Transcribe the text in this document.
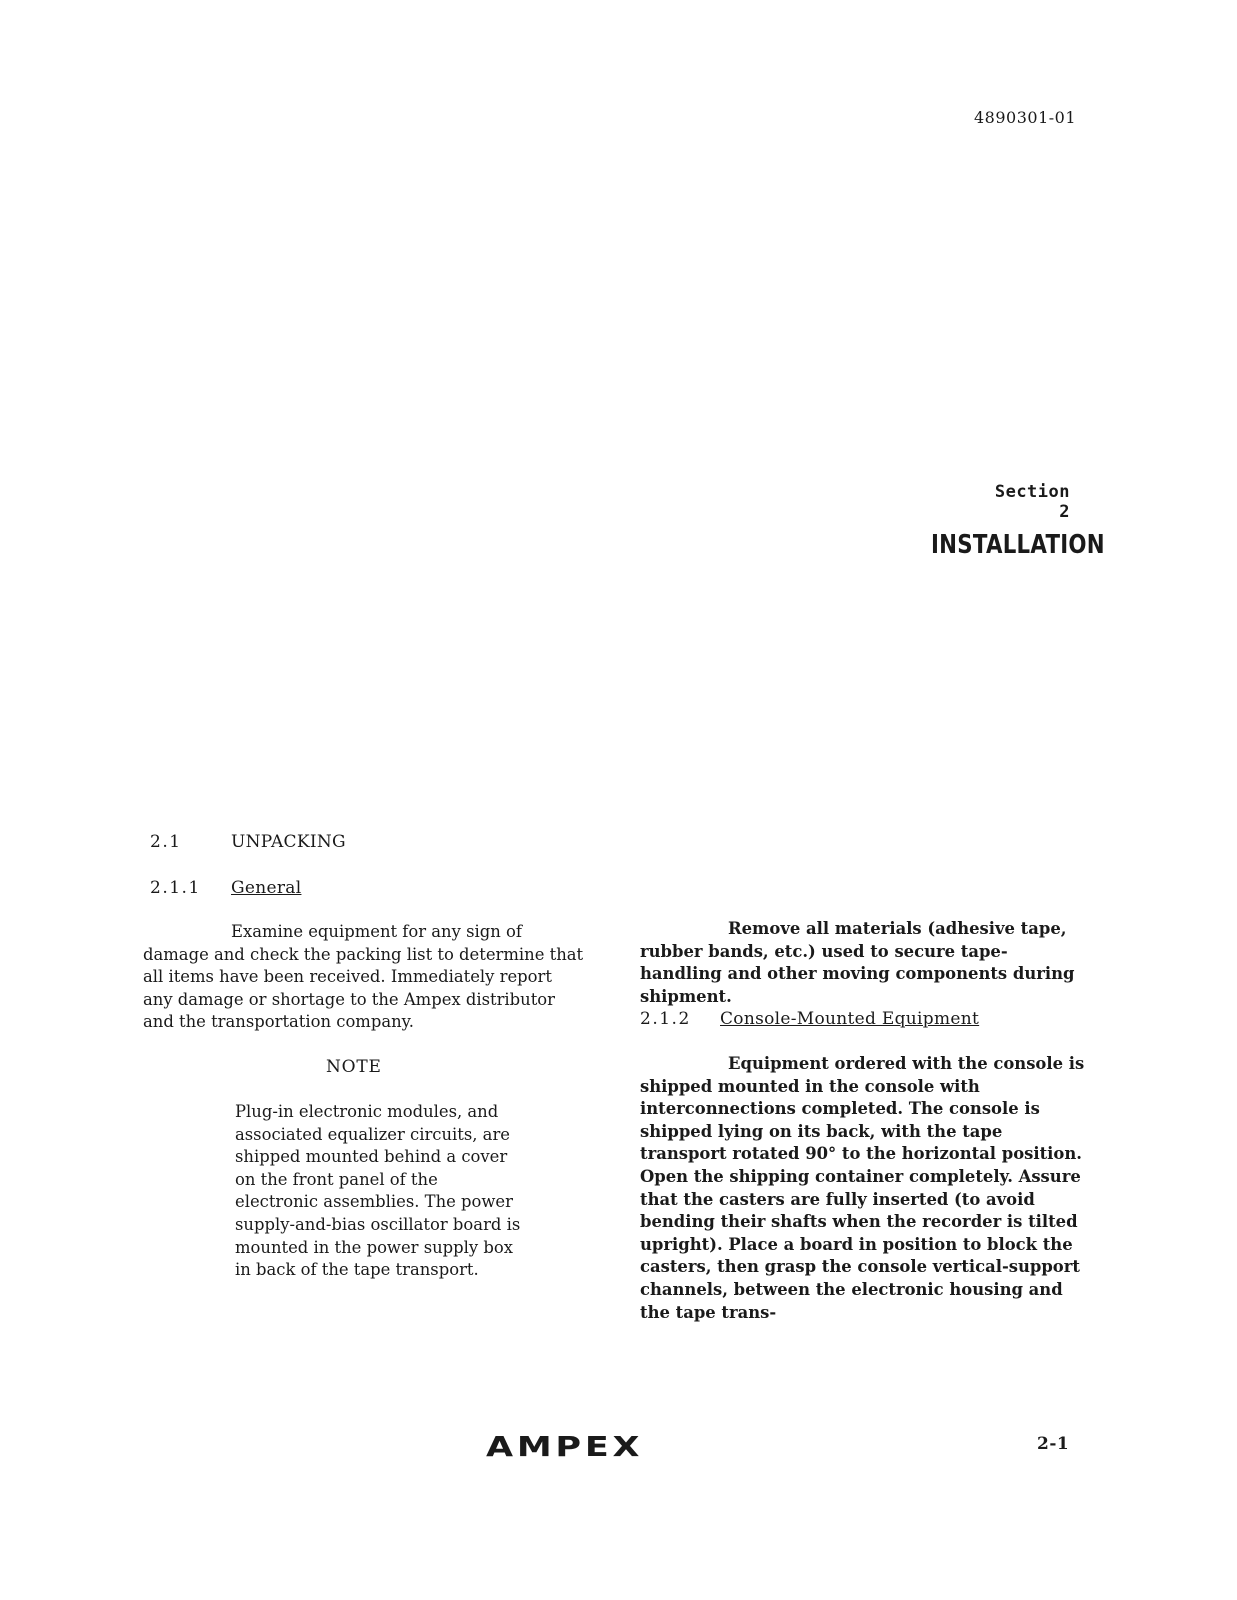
4890301-01
Section 2
INSTALLATION
2.1	UNPACKING
2.1.1 General

Examine equipment for any sign of damage and check the packing list to determine that all items have been received. Immediately report any damage or shortage to the Ampex distributor and the transportation company.

NOTE

Plug-in electronic modules, and associated equalizer circuits, are shipped mounted behind a cover on the front panel of the electronic assemblies. The power supply-and-bias oscillator board is mounted in the power supply box in back of the tape transport.

Remove all materials (adhesive tape, rubber bands, etc.) used to secure tape-handling and other moving components during shipment.

2.1.2 Console-Mounted Equipment

Equipment ordered with the console is shipped mounted in the console with interconnections completed. The console is shipped lying on its back, with the tape transport rotated 90° to the horizontal position. Open the shipping container completely. Assure that the casters are fully inserted (to avoid bending their shafts when the recorder is tilted upright). Place a board in position to block the casters, then grasp the console vertical-support channels, between the electronic housing and the tape trans-

AMPEX	2-1
